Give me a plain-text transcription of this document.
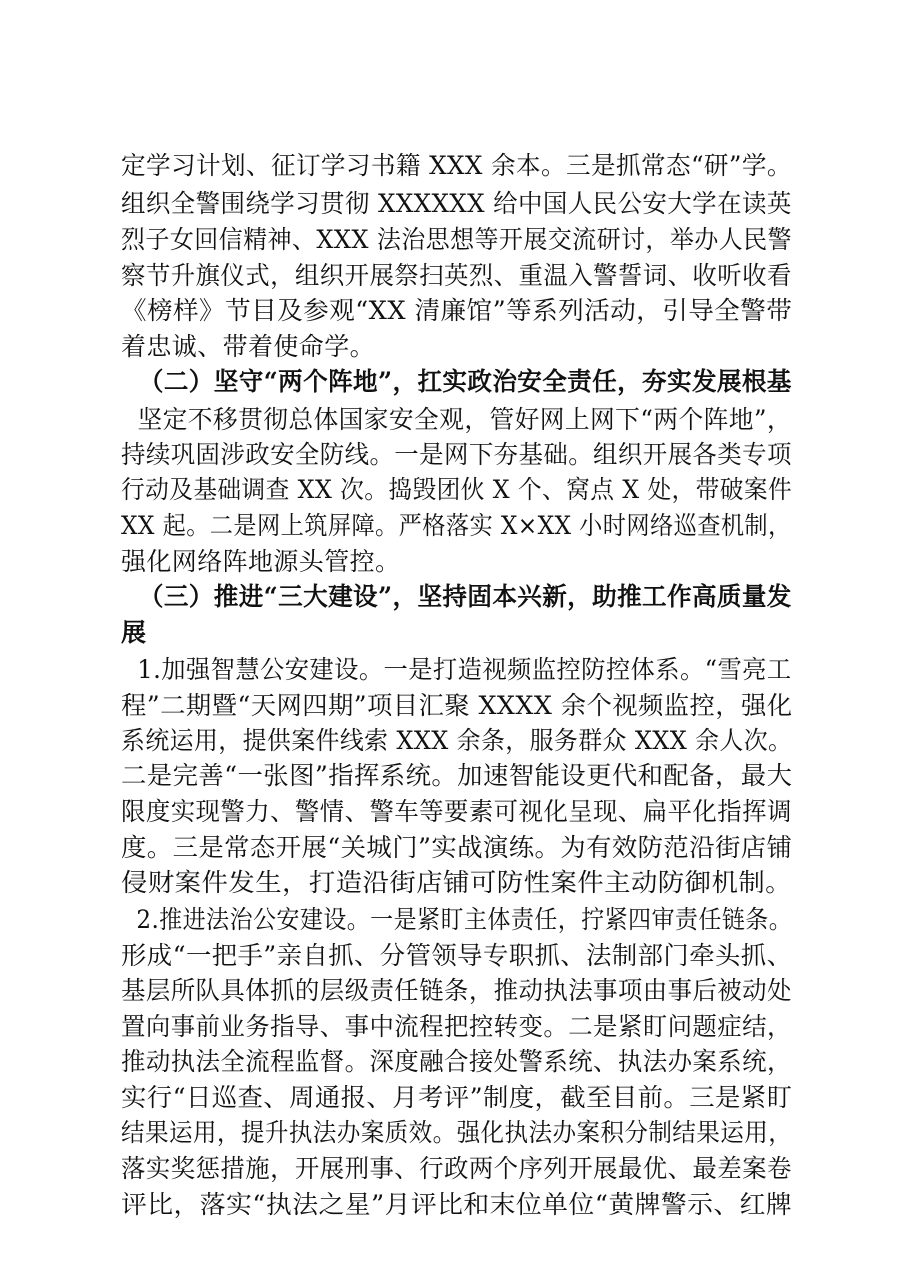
定学习计划、征订学习书籍 XXX 余本。三是抓常态“研”学。
组织全警围绕学习贯彻 XXXXXX 给中国人民公安大学在读英
烈子女回信精神、XXX 法治思想等开展交流研讨，举办人民警
察节升旗仪式，组织开展祭扫英烈、重温入警誓词、收听收看
《榜样》节目及参观“XX 清廉馆”等系列活动，引导全警带
着忠诚、带着使命学。
（二）坚守“两个阵地”，扛实政治安全责任，夯实发展根基
坚定不移贯彻总体国家安全观，管好网上网下“两个阵地”，
持续巩固涉政安全防线。一是网下夯基础。组织开展各类专项
行动及基础调查 XX 次。捣毁团伙 X 个、窝点 X 处，带破案件
XX 起。二是网上筑屏障。严格落实 X×XX 小时网络巡查机制，
强化网络阵地源头管控。
（三）推进“三大建设”，坚持固本兴新，助推工作高质量发
展
1.加强智慧公安建设。一是打造视频监控防控体系。“雪亮工
程”二期暨“天网四期”项目汇聚 XXXX 余个视频监控，强化
系统运用，提供案件线索 XXX 余条，服务群众 XXX 余人次。
二是完善“一张图”指挥系统。加速智能设更代和配备，最大
限度实现警力、警情、警车等要素可视化呈现、扁平化指挥调
度。三是常态开展“关城门”实战演练。为有效防范沿街店铺
侵财案件发生，打造沿街店铺可防性案件主动防御机制。
2.推进法治公安建设。一是紧盯主体责任，拧紧四审责任链条。
形成“一把手”亲自抓、分管领导专职抓、法制部门牵头抓、
基层所队具体抓的层级责任链条，推动执法事项由事后被动处
置向事前业务指导、事中流程把控转变。二是紧盯问题症结，
推动执法全流程监督。深度融合接处警系统、执法办案系统，
实行“日巡查、周通报、月考评”制度，截至目前。三是紧盯
结果运用，提升执法办案质效。强化执法办案积分制结果运用，
落实奖惩措施，开展刑事、行政两个序列开展最优、最差案卷
评比，落实“执法之星”月评比和末位单位“黄牌警示、红牌
